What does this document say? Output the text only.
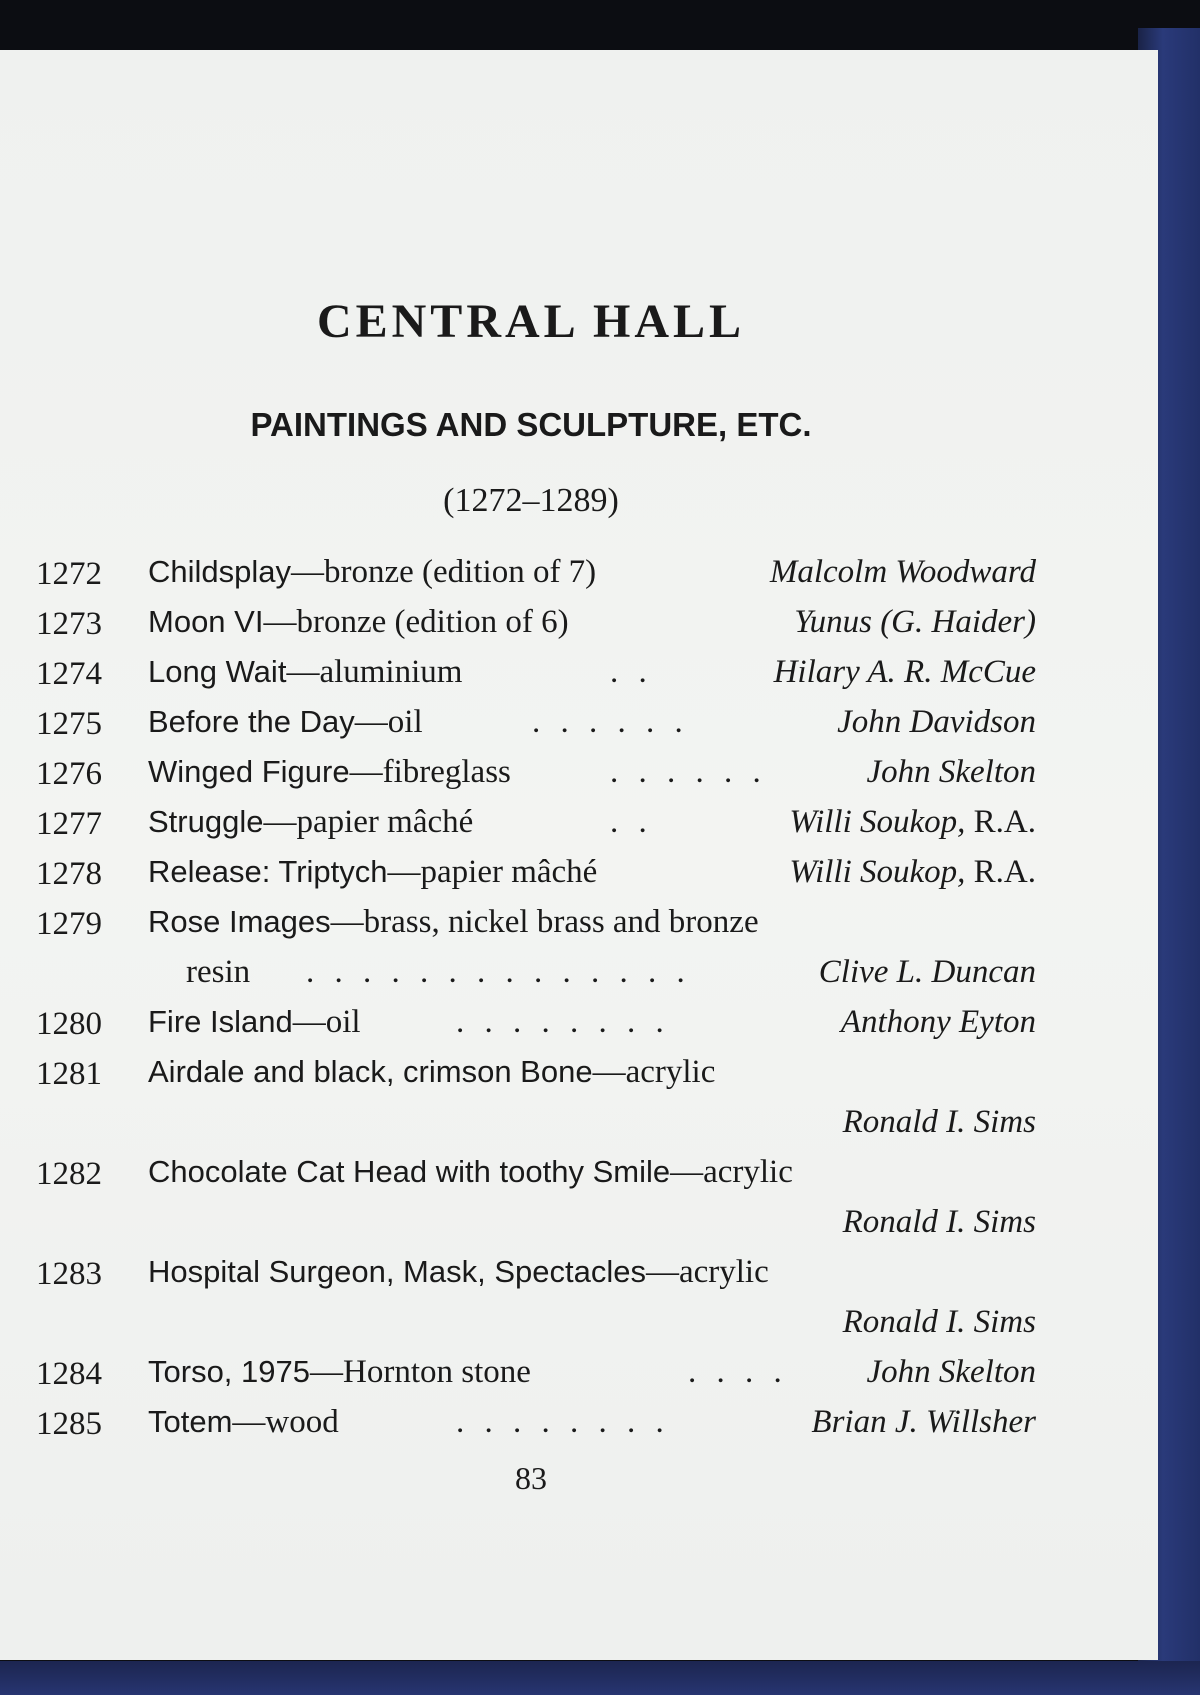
CENTRAL HALL
PAINTINGS AND SCULPTURE, ETC.
(1272–1289)
1272 Childsplay—bronze (edition of 7)	Malcolm Woodward
1273 Moon VI—bronze (edition of 6)	Yunus (G. Haider)
1274 Long Wait—aluminium	. .	Hilary A. R. McCue
1275 Before the Day—oil	. . . . . .	John Davidson
1276 Winged Figure—fibreglass	. . . . . .	John Skelton
1277 Struggle—papier mâché	. .	Willi Soukop, R.A.
1278 Release: Triptych—papier mâché	Willi Soukop, R.A.
1279 Rose Images—brass, nickel brass and bronze
resin . . . . . . . . . . . . . .	Clive L. Duncan
1280 Fire Island—oil	. . . . . . . .	Anthony Eyton
1281 Airdale and black, crimson Bone—acrylic
Ronald I. Sims
1282 Chocolate Cat Head with toothy Smile—acrylic
Ronald I. Sims
1283 Hospital Surgeon, Mask, Spectacles—acrylic
Ronald I. Sims
1284 Torso, 1975—Hornton stone	. . . . John Skelton
1285 Totem—wood	. . . . . . . .	Brian J. Willsher
83
